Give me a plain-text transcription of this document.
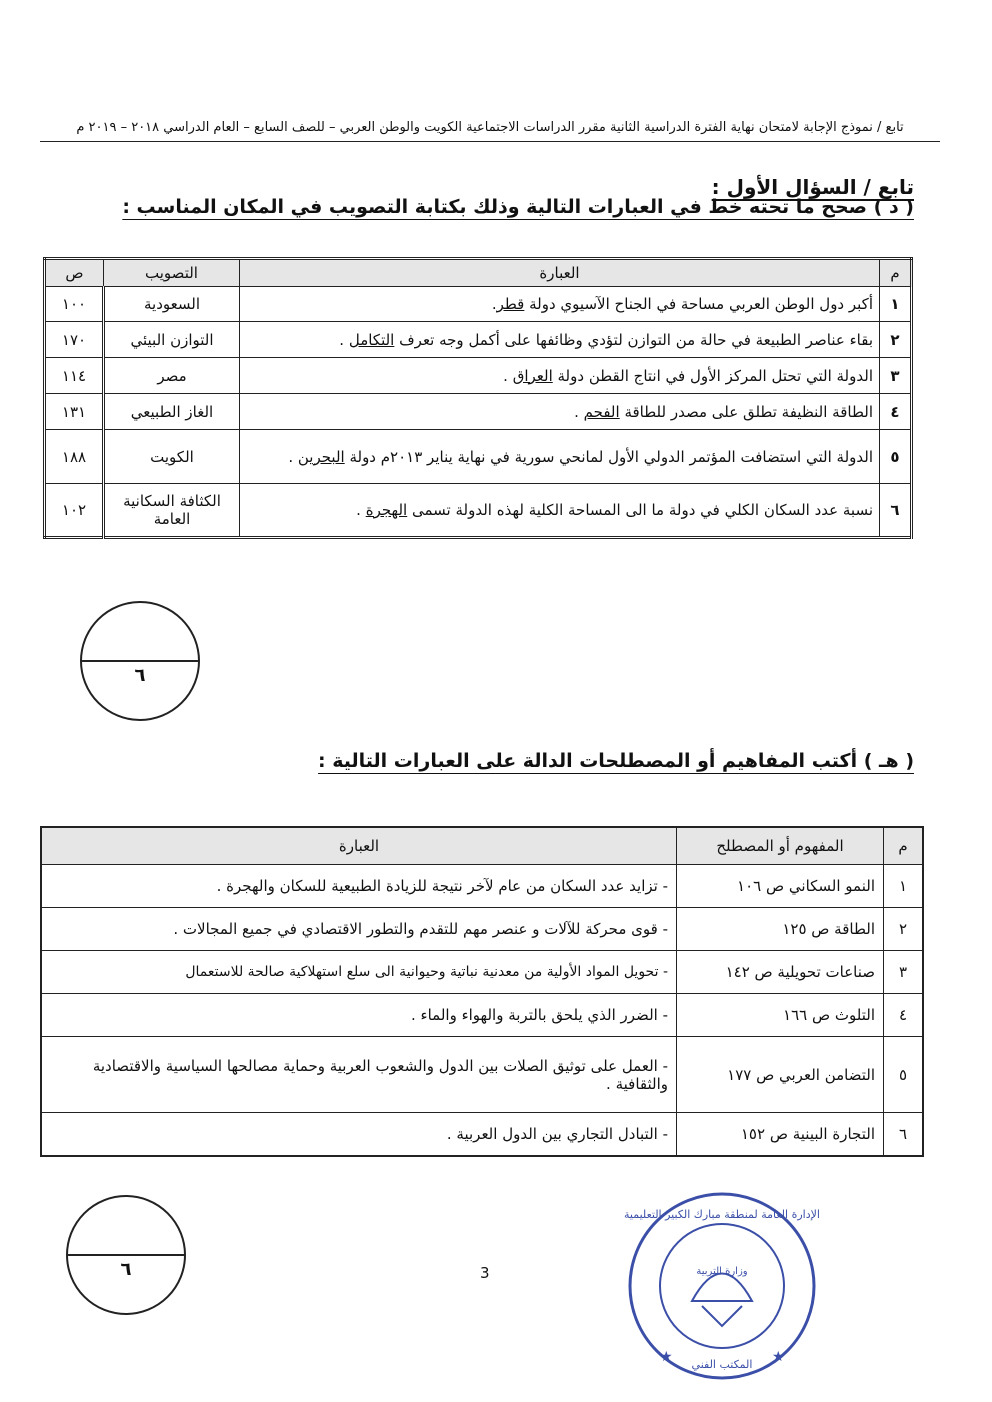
تابع / نموذج الإجابة لامتحان نهاية الفترة الدراسية الثانية مقرر الدراسات الاجتماعية الكويت والوطن العربي – للصف السابع – العام الدراسي ٢٠١٨ – ٢٠١٩ م
تابع / السؤال الأول :
( د ) صحح ما تحته خط في العبارات التالية وذلك بكتابة التصويب في المكان المناسب :
م	العبارة	التصويب	ص
١	أكبر دول الوطن العربي مساحة في الجناح الآسيوي دولة قطر.	السعودية	١٠٠
٢	بقاء عناصر الطبيعة في حالة من التوازن لتؤدي وظائفها على أكمل وجه تعرف التكامل .	التوازن البيئي	١٧٠
٣	الدولة التي تحتل المركز الأول في انتاج القطن دولة العراق .	مصر	١١٤
٤	الطاقة النظيفة تطلق على مصدر للطاقة الفحم .	الغاز الطبيعي	١٣١
٥	الدولة التي استضافت المؤتمر الدولي الأول لمانحي سورية في نهاية يناير ٢٠١٣م دولة البحرين .	الكويت	١٨٨
٦	نسبة عدد السكان الكلي في دولة ما الى المساحة الكلية لهذه الدولة تسمى الهجرة .	الكثافة السكانية العامة	١٠٢
٦
( هـ ) أكتب المفاهيم أو المصطلحات الدالة على العبارات التالية :
م	المفهوم أو المصطلح	العبارة
١	النمو السكاني ص ١٠٦	- تزايد عدد السكان من عام لآخر نتيجة للزيادة الطبيعية للسكان والهجرة .
٢	الطاقة ص ١٢٥	- قوى محركة للآلات و عنصر مهم للتقدم والتطور الاقتصادي في جميع المجالات .
٣	صناعات تحويلية ص ١٤٢	- تحويل المواد الأولية من معدنية نباتية وحيوانية الى سلع استهلاكية صالحة للاستعمال
٤	التلوث ص ١٦٦	- الضرر الذي يلحق بالتربة والهواء والماء .
٥	التضامن العربي ص ١٧٧	- العمل على توثيق الصلات بين الدول والشعوب العربية وحماية مصالحها السياسية والاقتصادية والثقافية .
٦	التجارة البينية ص ١٥٢	- التبادل التجاري بين الدول العربية .
٦	3
★	★
الإدارة العامة لمنطقة مبارك الكبير التعليمية
وزارة التربية
المكتب الفني
